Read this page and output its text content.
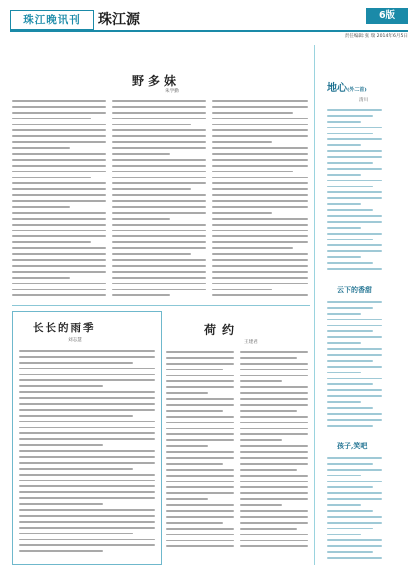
珠江晚讯刊	珠江源	6版
责任编辑:张 瑞 2014年6月5日
野多妹
朱学勤	地心(外二首)
清川
云下的香甜
孩子,笑吧
长长的雨季
刘志慧
荷约
王建君
